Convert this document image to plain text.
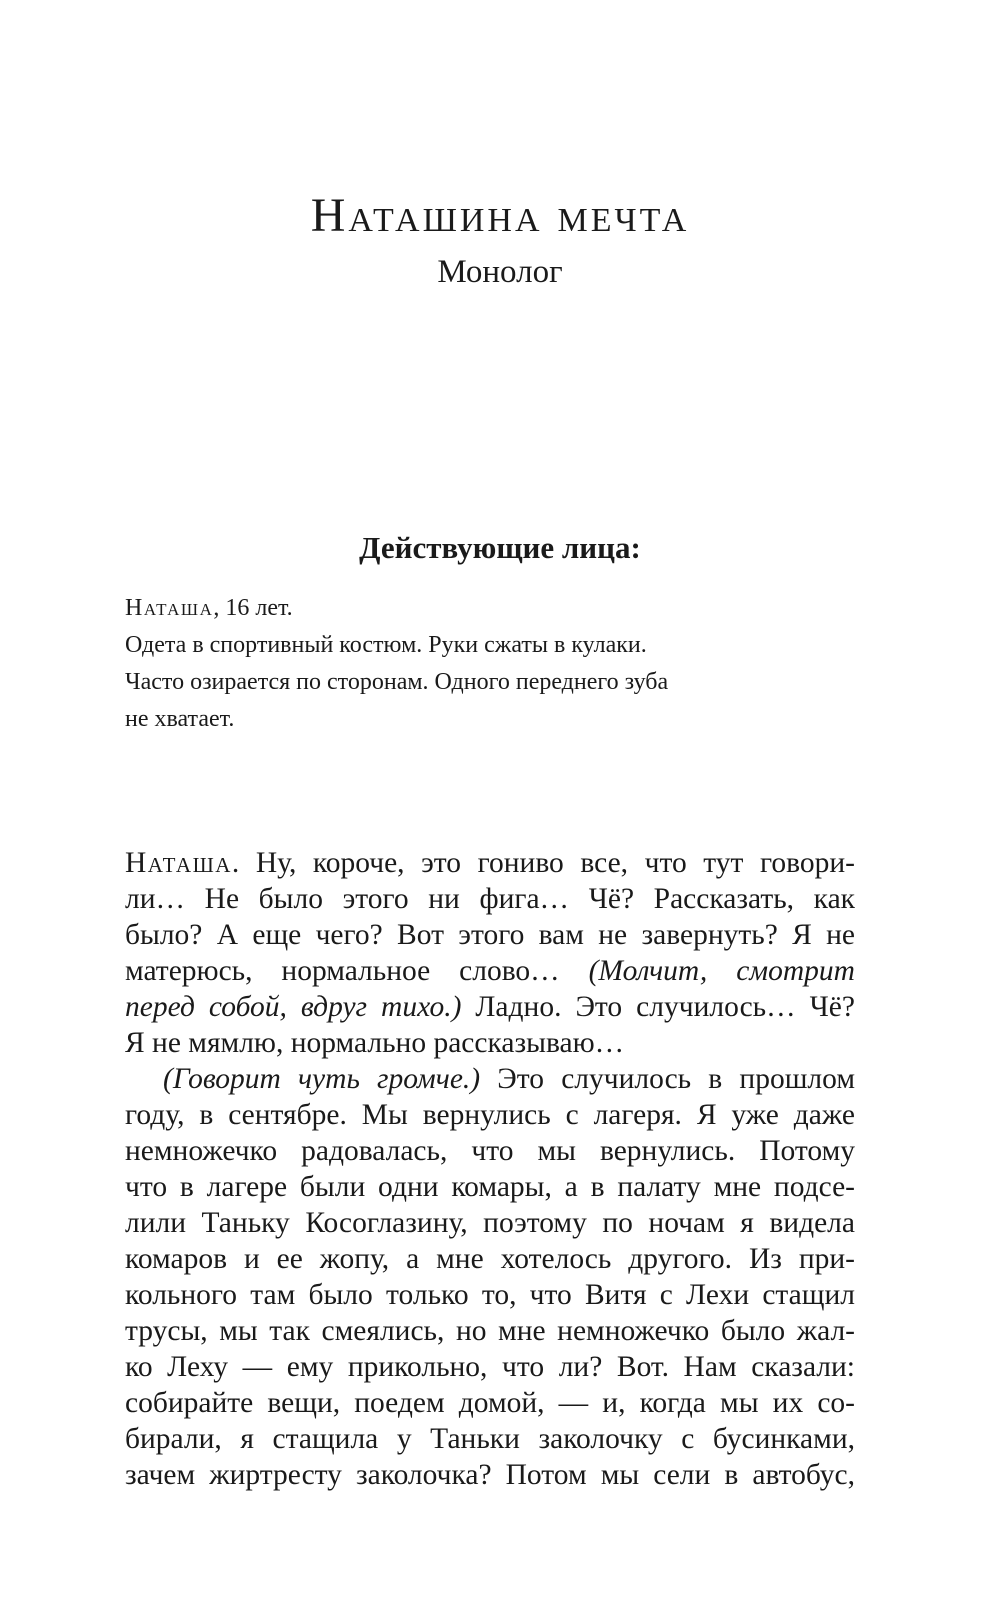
Наташина мечта
Монолог
Действующие лица:
Наташа, 16 лет.
Одета в спортивный костюм. Руки сжаты в кулаки.
Часто озирается по сторонам. Одного переднего зуба
не хватает.
Наташа. Ну, короче, это гониво все, что тут говори-
ли… Не было этого ни фига… Чё? Рассказать, как
было? А еще чего? Вот этого вам не завернуть? Я не
матерюсь, нормальное слово… (Молчит, смотрит
перед собой, вдруг тихо.) Ладно. Это случилось… Чё?
Я не мямлю, нормально рассказываю…
(Говорит чуть громче.) Это случилось в прошлом
году, в сентябре. Мы вернулись с лагеря. Я уже даже
немножечко радовалась, что мы вернулись. Потому
что в лагере были одни комары, а в палату мне подсе-
лили Таньку Косоглазину, поэтому по ночам я видела
комаров и ее жопу, а мне хотелось другого. Из при-
кольного там было только то, что Витя с Лехи стащил
трусы, мы так смеялись, но мне немножечко было жал-
ко Леху — ему прикольно, что ли? Вот. Нам сказали:
собирайте вещи, поедем домой, — и, когда мы их со-
бирали, я стащила у Таньки заколочку с бусинками,
зачем жиртресту заколочка? Потом мы сели в автобус,
